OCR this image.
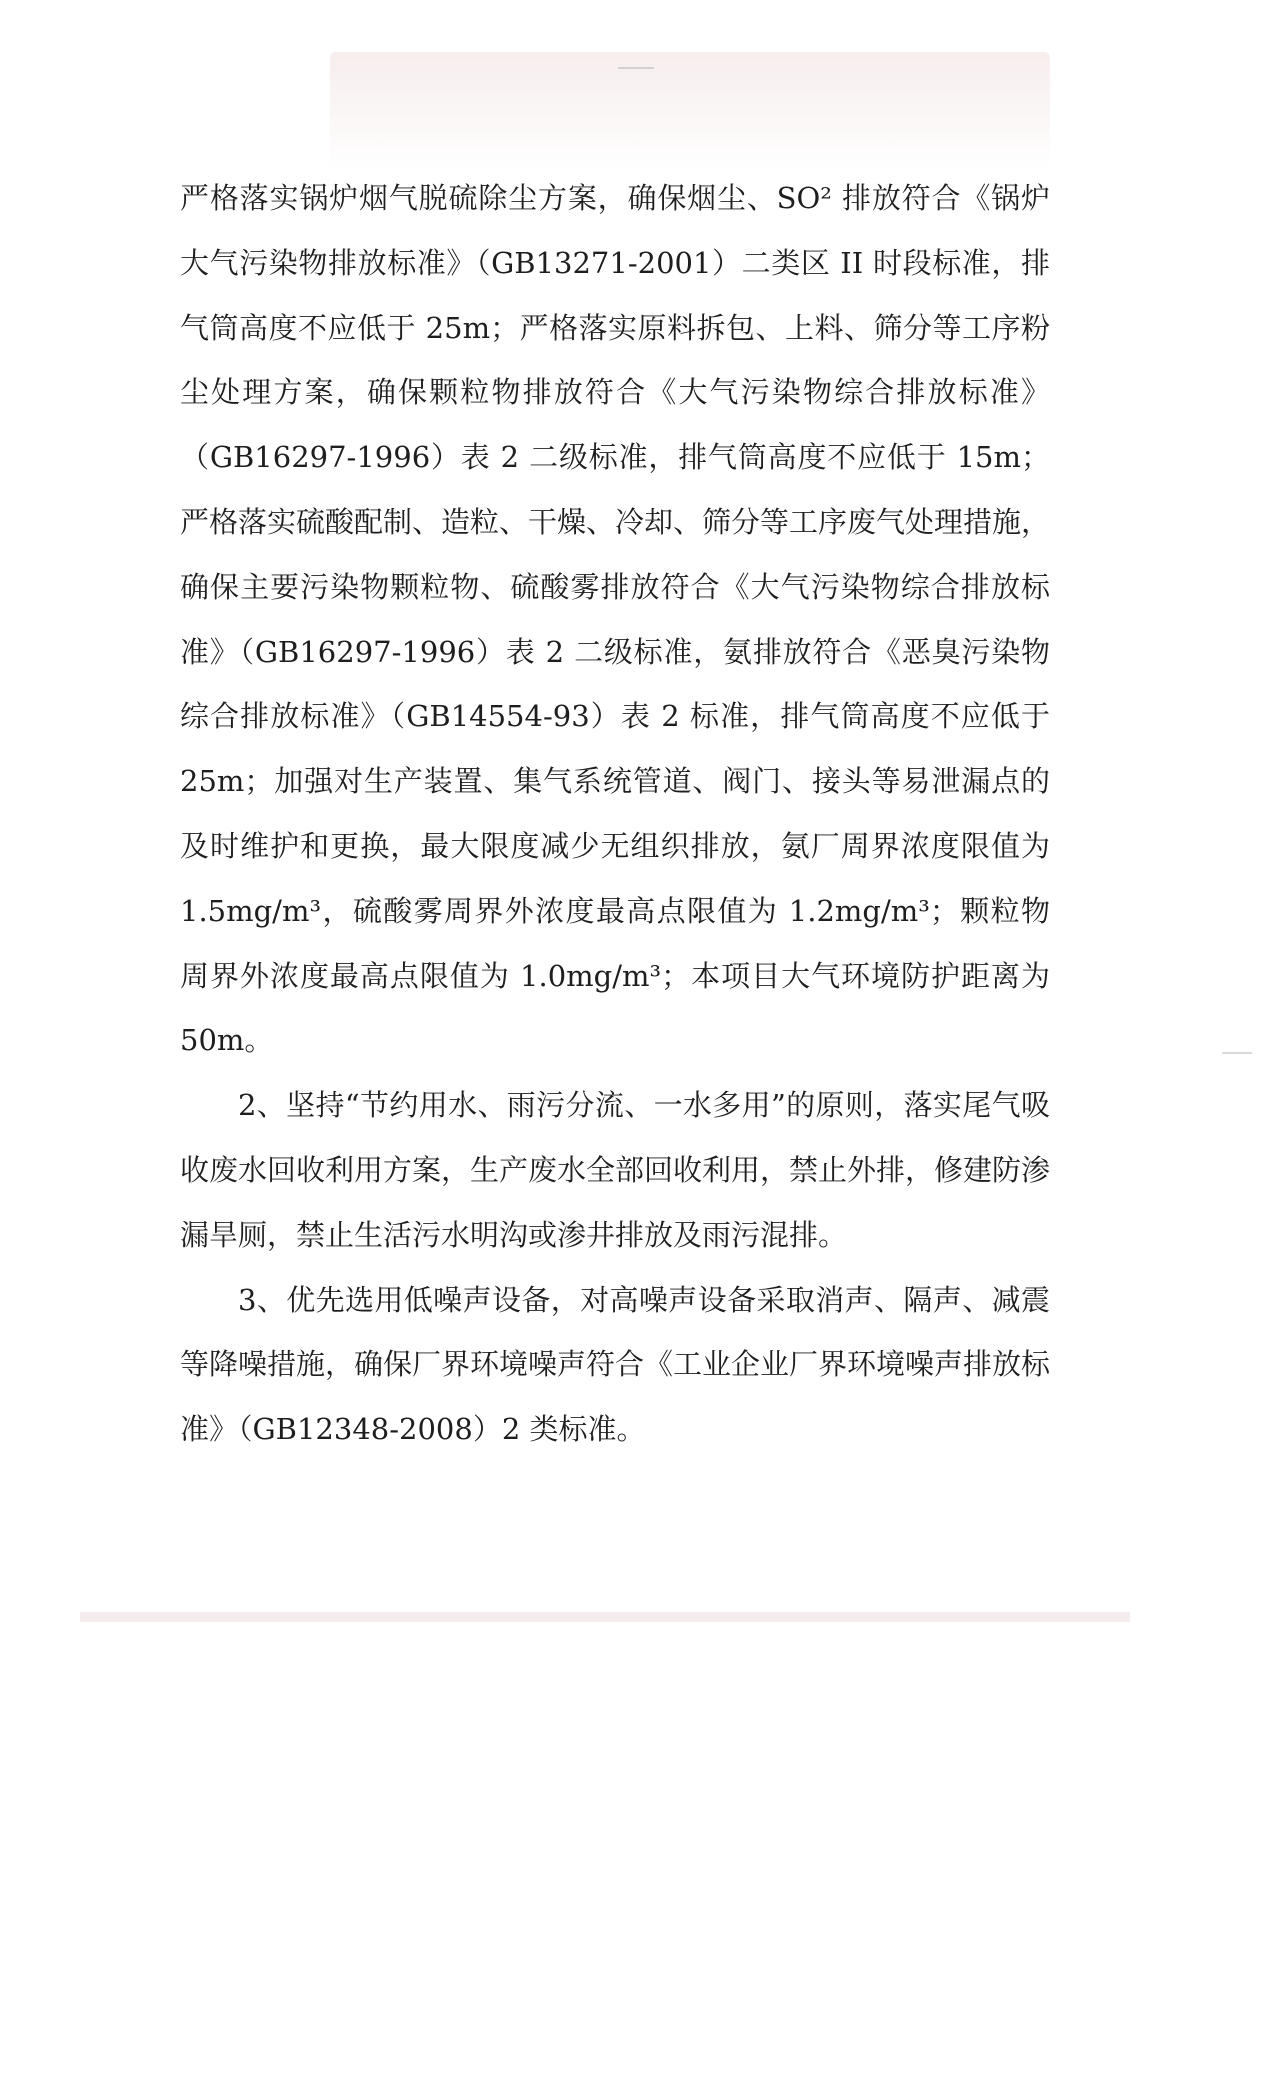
严格落实锅炉烟气脱硫除尘方案，确保烟尘、SO² 排放符合《锅炉大气污染物排放标准》（GB13271-2001）二类区 II 时段标准，排气筒高度不应低于 25m；严格落实原料拆包、上料、筛分等工序粉尘处理方案，确保颗粒物排放符合《大气污染物综合排放标准》（GB16297-1996）表 2 二级标准，排气筒高度不应低于 15m；严格落实硫酸配制、造粒、干燥、冷却、筛分等工序废气处理措施，确保主要污染物颗粒物、硫酸雾排放符合《大气污染物综合排放标准》（GB16297-1996）表 2 二级标准，氨排放符合《恶臭污染物综合排放标准》（GB14554-93）表 2 标准，排气筒高度不应低于 25m；加强对生产装置、集气系统管道、阀门、接头等易泄漏点的及时维护和更换，最大限度减少无组织排放，氨厂周界浓度限值为 1.5mg/m³，硫酸雾周界外浓度最高点限值为 1.2mg/m³；颗粒物周界外浓度最高点限值为 1.0mg/m³；本项目大气环境防护距离为 50m。

2、坚持“节约用水、雨污分流、一水多用”的原则，落实尾气吸收废水回收利用方案，生产废水全部回收利用，禁止外排，修建防渗漏旱厕，禁止生活污水明沟或渗井排放及雨污混排。

3、优先选用低噪声设备，对高噪声设备采取消声、隔声、减震等降噪措施，确保厂界环境噪声符合《工业企业厂界环境噪声排放标准》（GB12348-2008）2 类标准。
